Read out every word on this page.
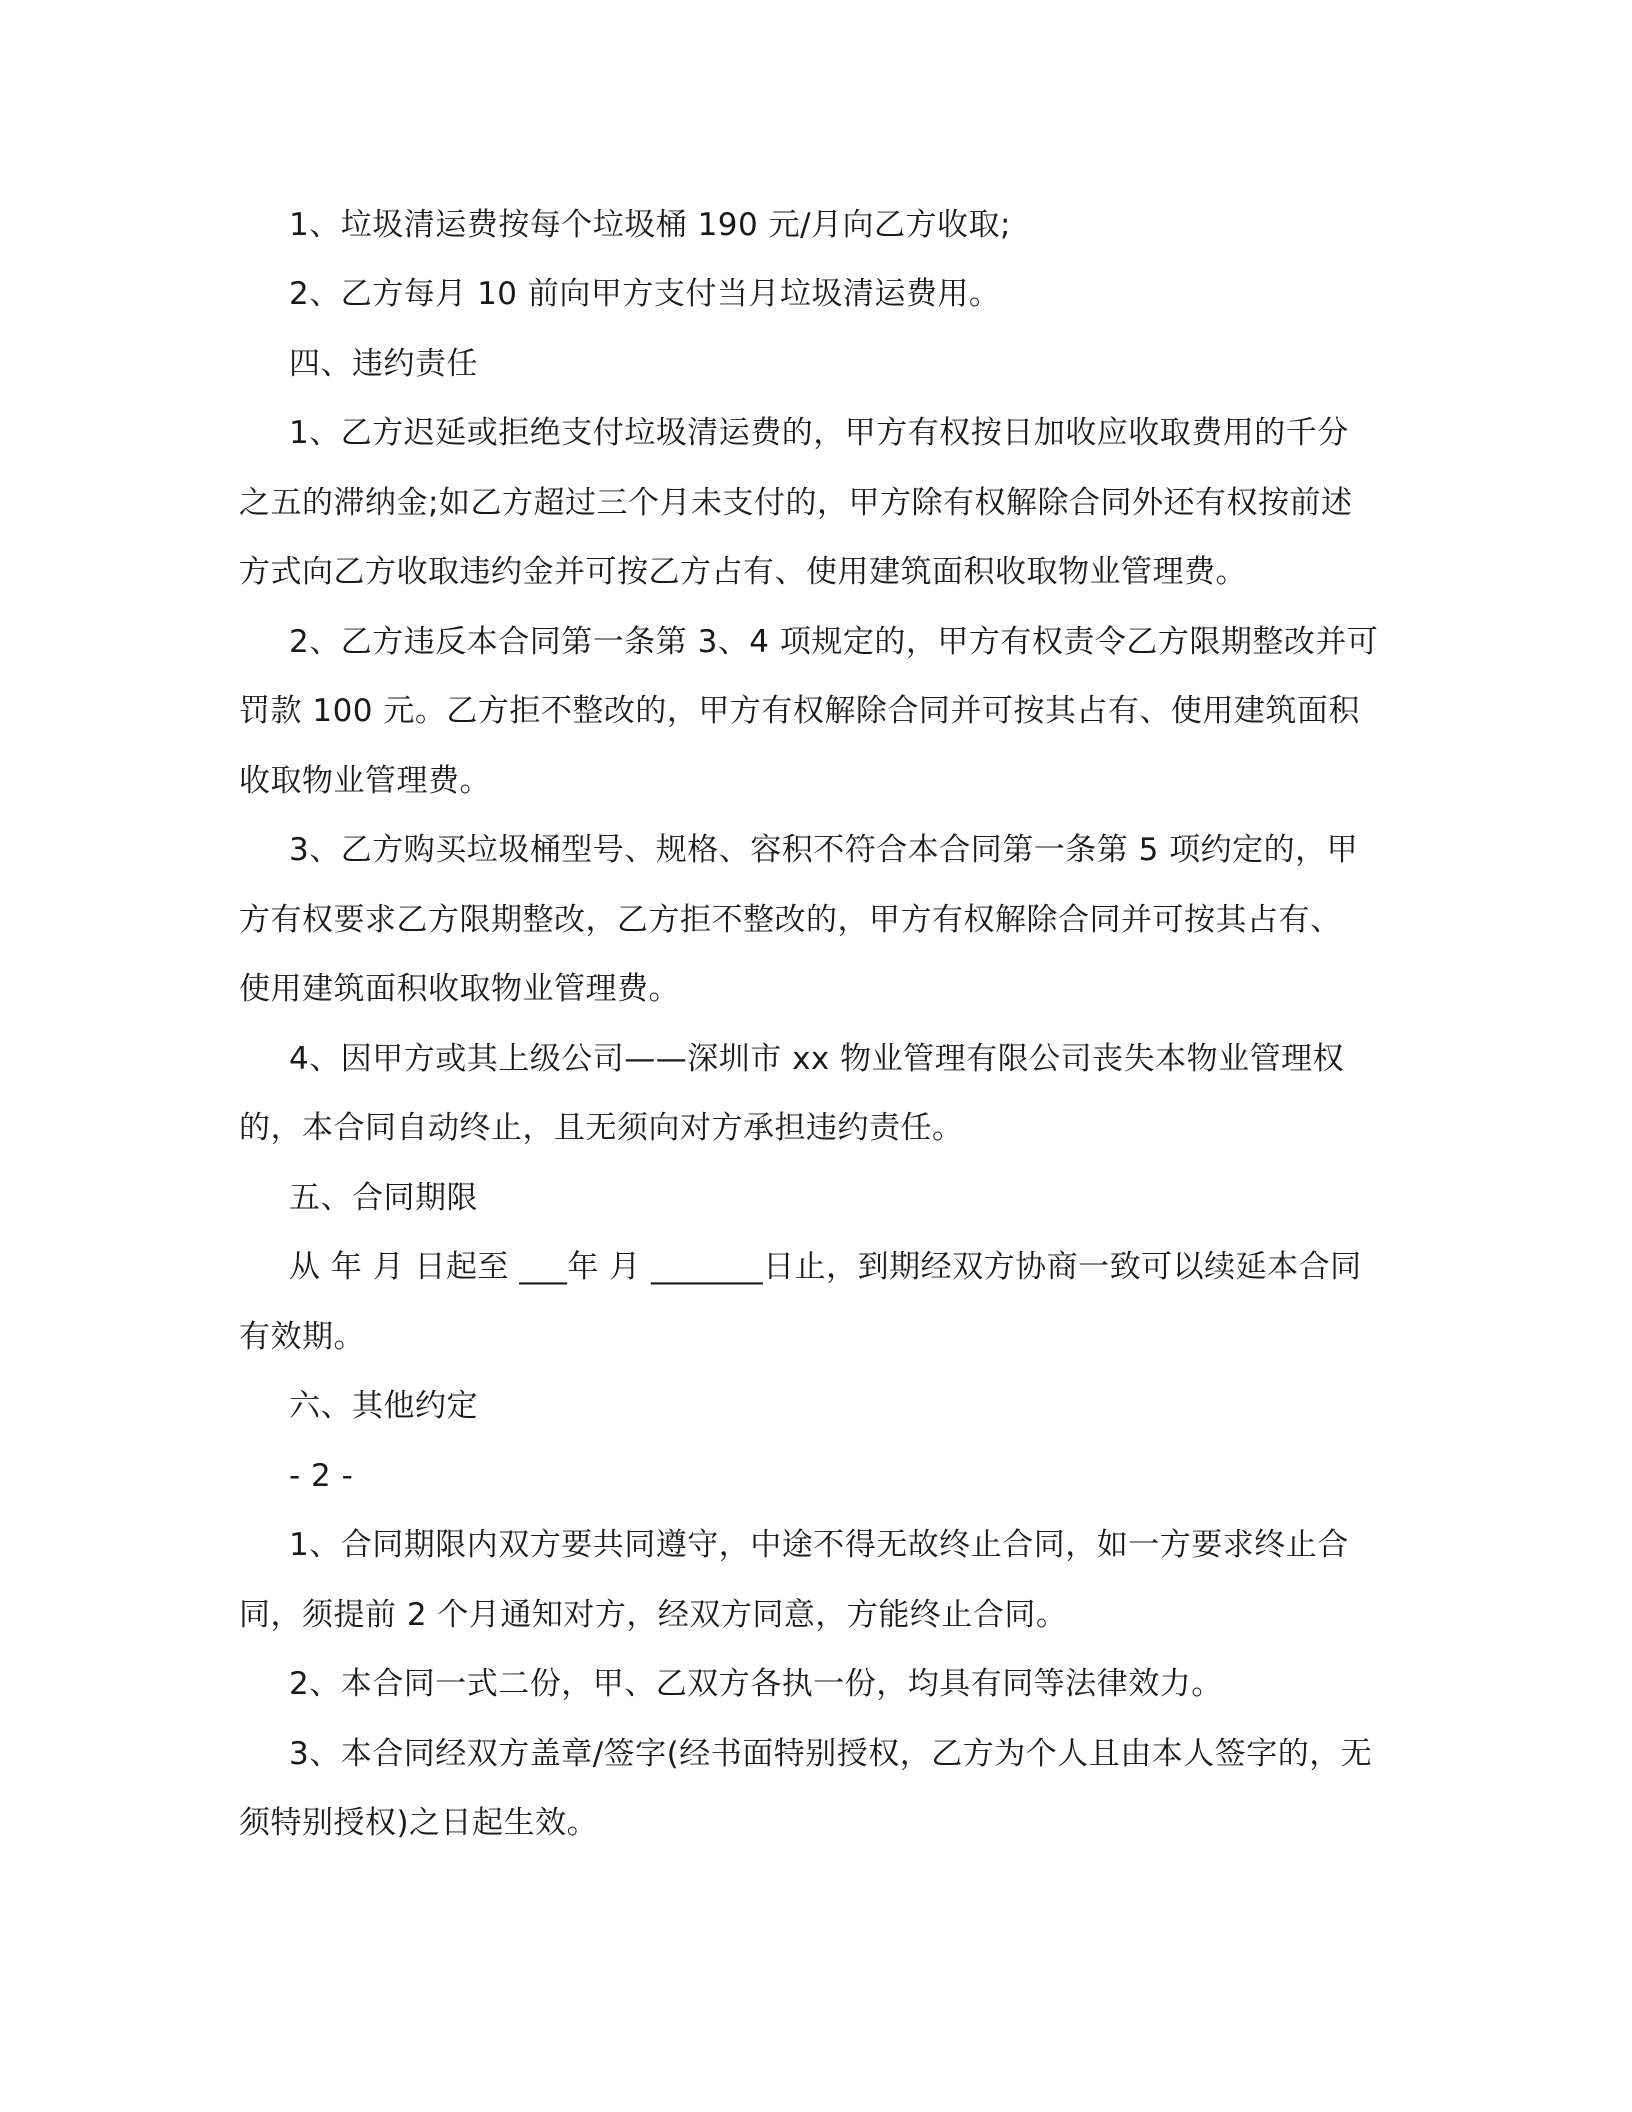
1、垃圾清运费按每个垃圾桶 190 元/月向乙方收取;
2、乙方每月 10 前向甲方支付当月垃圾清运费用。
四、违约责任
1、乙方迟延或拒绝支付垃圾清运费的，甲方有权按日加收应收取费用的千分
之五的滞纳金;如乙方超过三个月未支付的，甲方除有权解除合同外还有权按前述
方式向乙方收取违约金并可按乙方占有、使用建筑面积收取物业管理费。
2、乙方违反本合同第一条第 3、4 项规定的，甲方有权责令乙方限期整改并可
罚款 100 元。乙方拒不整改的，甲方有权解除合同并可按其占有、使用建筑面积
收取物业管理费。
3、乙方购买垃圾桶型号、规格、容积不符合本合同第一条第 5 项约定的，甲
方有权要求乙方限期整改，乙方拒不整改的，甲方有权解除合同并可按其占有、
使用建筑面积收取物业管理费。
4、因甲方或其上级公司——深圳市 xx 物业管理有限公司丧失本物业管理权
的，本合同自动终止，且无须向对方承担违约责任。
五、合同期限
从 年 月 日起至 ___年 月 _______日止，到期经双方协商一致可以续延本合同
有效期。
六、其他约定
- 2 -
1、合同期限内双方要共同遵守，中途不得无故终止合同，如一方要求终止合
同，须提前 2 个月通知对方，经双方同意，方能终止合同。
2、本合同一式二份，甲、乙双方各执一份，均具有同等法律效力。
3、本合同经双方盖章/签字(经书面特别授权，乙方为个人且由本人签字的，无
须特别授权)之日起生效。
